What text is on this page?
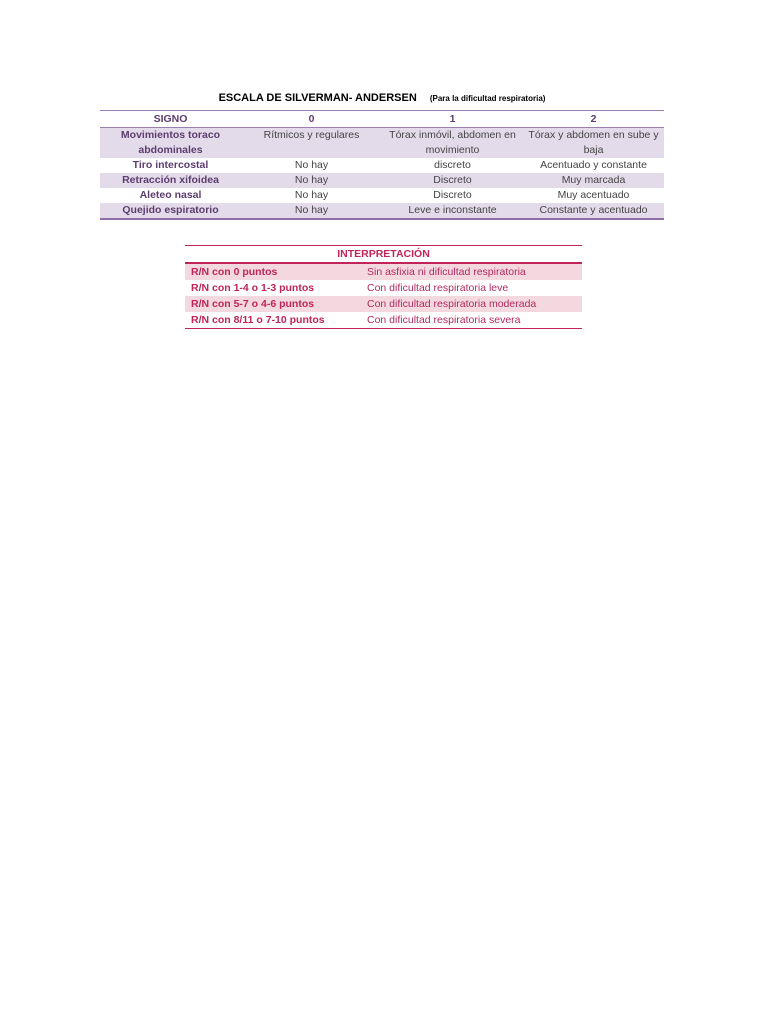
ESCALA DE SILVERMAN- ANDERSEN (Para la dificultad respiratoria)
SIGNO	0	1	2
Movimientos toraco abdominales	Rítmicos y regulares	Tórax inmóvil, abdomen en movimiento	Tórax y abdomen en sube y baja
Tiro intercostal	No hay	discreto	Acentuado y constante
Retracción xifoidea	No hay	Discreto	Muy marcada
Aleteo nasal	No hay	Discreto	Muy acentuado
Quejido espiratorio	No hay	Leve e inconstante	Constante y acentuado
INTERPRETACIÓN	
R/N con 0 puntos	Sin asfixia ni dificultad respiratoria
R/N con 1-4 o 1-3 puntos	Con dificultad respiratoria leve
R/N con 5-7 o 4-6 puntos	Con dificultad respiratoria moderada
R/N con 8/11 o 7-10 puntos	Con dificultad respiratoria severa
